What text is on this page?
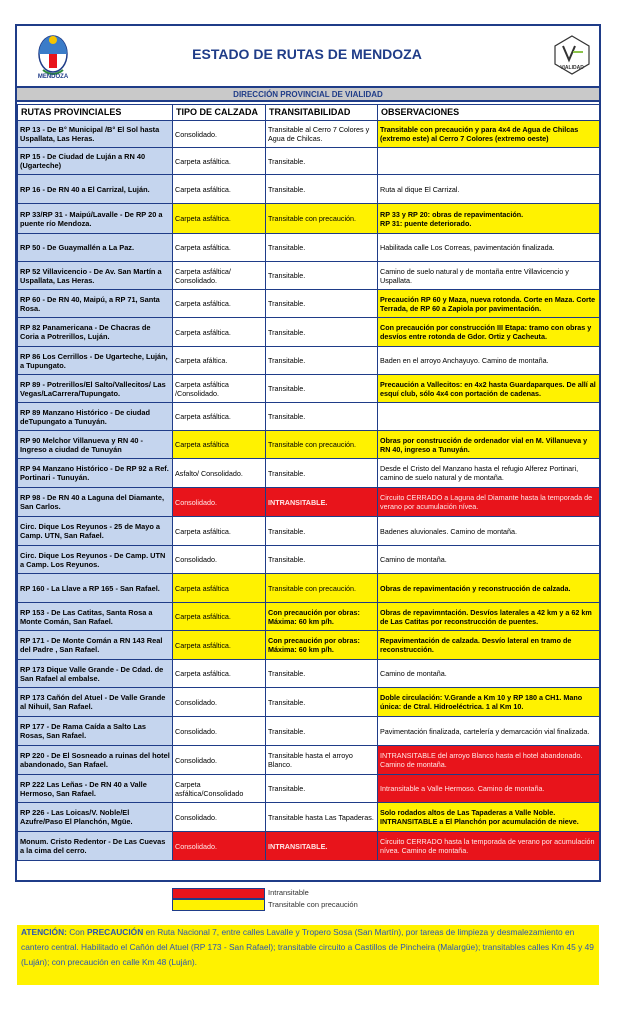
MENDOZA
ESTADO DE RUTAS DE MENDOZA
VIALIDAD
DIRECCIÓN PROVINCIAL DE VIALIDAD
RUTAS PROVINCIALES	TIPO DE CALZADA	TRANSITABILIDAD	OBSERVACIONES
RP 13 - De B° Municipal /B° El Sol hasta Uspallata, Las Heras.	Consolidado.	Transitable al Cerro 7 Colores y Agua de Chilcas.	Transitable con precaución y para 4x4 de Agua de Chilcas (extremo este) al Cerro 7 Colores (extremo oeste)
RP 15 - De Ciudad de Luján a RN 40 (Ugarteche)	Carpeta asfáltica.	Transitable.	
RP 16 - De RN 40 a El Carrizal, Luján.	Carpeta asfáltica.	Transitable.	Ruta al dique El Carrizal.
RP 33/RP 31 - Maipú/Lavalle - De RP 20 a puente río Mendoza.	Carpeta asfáltica.	Transitable con precaución.	RP 33 y RP 20: obras de repavimentación.
RP 31: puente deteriorado.
RP 50 - De Guaymallén a La Paz.	Carpeta asfáltica.	Transitable.	Habilitada calle Los Correas, pavimentación finalizada.
RP 52 Villavicencio - De Av. San Martín a Uspallata, Las Heras.	Carpeta asfáltica/ Consolidado.	Transitable.	Camino de suelo natural y de montaña entre Villavicencio y Uspallata.
RP 60 - De RN 40, Maipú, a RP 71, Santa Rosa.	Carpeta asfáltica.	Transitable.	Precaución RP 60 y Maza, nueva rotonda. Corte en Maza. Corte Terrada, de RP 60 a Zapiola por pavimentación.
RP 82 Panamericana - De Chacras de Coria a Potrerillos, Luján.	Carpeta asfáltica.	Transitable.	Con precaución por construcción III Etapa: tramo con obras y desvíos entre rotonda de Gdor. Ortiz y Cacheuta.
RP 86 Los Cerrillos - De Ugarteche, Luján, a Tupungato.	Carpeta afáltica.	Transitable.	Baden en el arroyo Anchayuyo. Camino de montaña.
RP 89 - Potrerillos/El Salto/Vallecitos/ Las Vegas/LaCarrera/Tupungato.	Carpeta asfáltica /Consolidado.	Transitable.	Precaución a Vallecitos: en 4x2 hasta Guardaparques. De allí al esquí club, sólo 4x4 con portación de cadenas.
RP 89 Manzano Histórico - De ciudad deTupungato a Tunuyán.	Carpeta asfáltica.	Transitable.	
RP 90 Melchor Villanueva y RN 40 - Ingreso a ciudad de Tunuyán	Carpeta asfáltica	Transitable con precaución.	Obras por construcción de ordenador vial en M. Villanueva y RN 40, ingreso a Tunuyán.
RP 94 Manzano Histórico - De RP 92 a Ref. Portinari - Tunuyán.	Asfalto/ Consolidado.	Transitable.	Desde el Cristo del Manzano hasta el refugio Alferez Portinari, camino de suelo natural y de montaña.
RP 98 - De RN 40 a Laguna del Diamante, San Carlos.	Consolidado.	INTRANSITABLE.	Circuito CERRADO a Laguna del Diamante hasta la temporada de verano por acumulación nívea.
Circ. Dique Los Reyunos - 25 de Mayo a Camp. UTN, San Rafael.	Carpeta asfáltica.	Transitable.	Badenes aluvionales. Camino de montaña.
Circ. Dique Los Reyunos - De Camp. UTN a Camp. Los Reyunos.	Consolidado.	Transitable.	Camino de montaña.
RP 160 - La Llave a RP 165 - San Rafael.	Carpeta asfáltica	Transitable con precaución.	Obras de repavimentación y reconstrucción de calzada.
RP 153 - De Las Catitas, Santa Rosa a Monte Comán, San Rafael.	Carpeta asfáltica.	Con precaución por obras: Máxima: 60 km p/h.	Obras de repavimntación. Desvíos laterales a 42 km y a 62 km de Las Catitas por reconstrucción de puentes.
RP 171 - De Monte Comán a RN 143 Real del Padre , San Rafael.	Carpeta asfáltica.	Con precaución por obras: Máxima: 60 km p/h.	Repavimentación de calzada. Desvío lateral en tramo de reconstrucción.
RP 173 Dique Valle Grande - De Cdad. de San Rafael al embalse.	Carpeta asfáltica.	Transitable.	Camino de montaña.
RP 173 Cañón del Atuel - De Valle Grande al Nihuil, San Rafael.	Consolidado.	Transitable.	Doble circulación: V.Grande a Km 10 y RP 180 a CH1. Mano única: de Ctral. Hidroeléctrica. 1 al Km 10.
RP 177 - De Rama Caída a Salto Las Rosas, San Rafael.	Consolidado.	Transitable.	Pavimentación finalizada, cartelería y demarcación vial finalizada.
RP 220 - De El Sosneado a ruinas del hotel abandonado, San Rafael.	Consolidado.	Transitable hasta el arroyo Blanco.	INTRANSITABLE del arroyo Blanco hasta el hotel abandonado. Camino de montaña.
RP 222 Las Leñas - De RN 40 a Valle Hermoso, San Rafael.	Carpeta asfáltica/Consolidado	Transitable.	Intransitable a Valle Hermoso. Camino de montaña.
RP 226 - Las Loicas/V. Noble/El Azufre/Paso El Planchón, Mgüe.	Consolidado.	Transitable hasta Las Tapaderas.	Solo rodados altos de Las Tapaderas a Valle Noble.
INTRANSITABLE a El Planchón por acumulación de nieve.
Monum. Cristo Redentor - De Las Cuevas a la cima del cerro.	Consolidado.	INTRANSITABLE.	Circuito CERRADO hasta la temporada de verano por acumulación nívea. Camino de montaña.
Intransitable
Transitable con precaución
ATENCIÓN: Con PRECAUCIÓN en Ruta Nacional 7, entre calles Lavalle y Tropero Sosa (San Martín), por tareas de limpieza y desmalezamiento en cantero central. Habilitado el Cañón del Atuel (RP 173 - San Rafael); transitable circuito a Castillos de Pincheira (Malargüe); transitables calles Km 45 y 49 (Luján); con precaución en calle Km 48 (Luján).
